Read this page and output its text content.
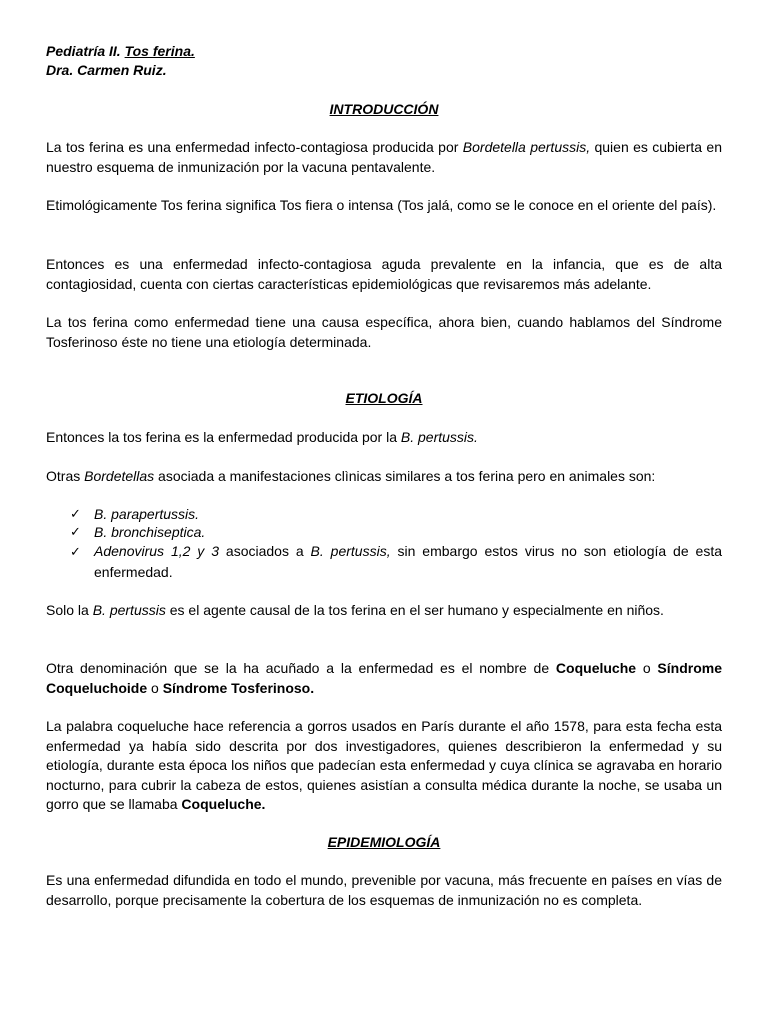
Pediatría II. Tos ferina.
Dra. Carmen Ruiz.
INTRODUCCIÓN
La tos ferina es una enfermedad infecto-contagiosa producida por Bordetella pertussis, quien es cubierta en nuestro esquema de inmunización por la vacuna pentavalente.
Etimológicamente Tos ferina significa Tos fiera o intensa (Tos jalá, como se le conoce en el oriente del país).
Entonces es una enfermedad infecto-contagiosa aguda prevalente en la infancia, que es de alta contagiosidad, cuenta con ciertas características epidemiológicas que revisaremos más adelante.
La tos ferina como enfermedad tiene una causa específica, ahora bien, cuando hablamos del Síndrome Tosferinoso éste no tiene una etiología determinada.
ETIOLOGÍA
Entonces la tos ferina es la enfermedad producida por la B. pertussis.
Otras Bordetellas asociada a manifestaciones clìnicas similares a tos ferina pero en animales son:
✓ B. parapertussis.
✓ B. bronchiseptica.
✓ Adenovirus 1,2 y 3 asociados a B. pertussis, sin embargo estos virus no son etiología de esta enfermedad.
Solo la B. pertussis es el agente causal de la tos ferina en el ser humano y especialmente en niños.
Otra denominación que se la ha acuñado a la enfermedad es el nombre de Coqueluche o Síndrome Coqueluchoide o Síndrome Tosferinoso.
La palabra coqueluche hace referencia a gorros usados en París durante el año 1578, para esta fecha esta enfermedad ya había sido descrita por dos investigadores, quienes describieron la enfermedad y su etiología, durante esta época los niños que padecían esta enfermedad y cuya clínica se agravaba en horario nocturno, para cubrir la cabeza de estos, quienes asistían a consulta médica durante la noche, se usaba un gorro que se llamaba Coqueluche.
EPIDEMIOLOGÍA
Es una enfermedad difundida en todo el mundo, prevenible por vacuna, más frecuente en países en vías de desarrollo, porque precisamente la cobertura de los esquemas de inmunización no es completa.
